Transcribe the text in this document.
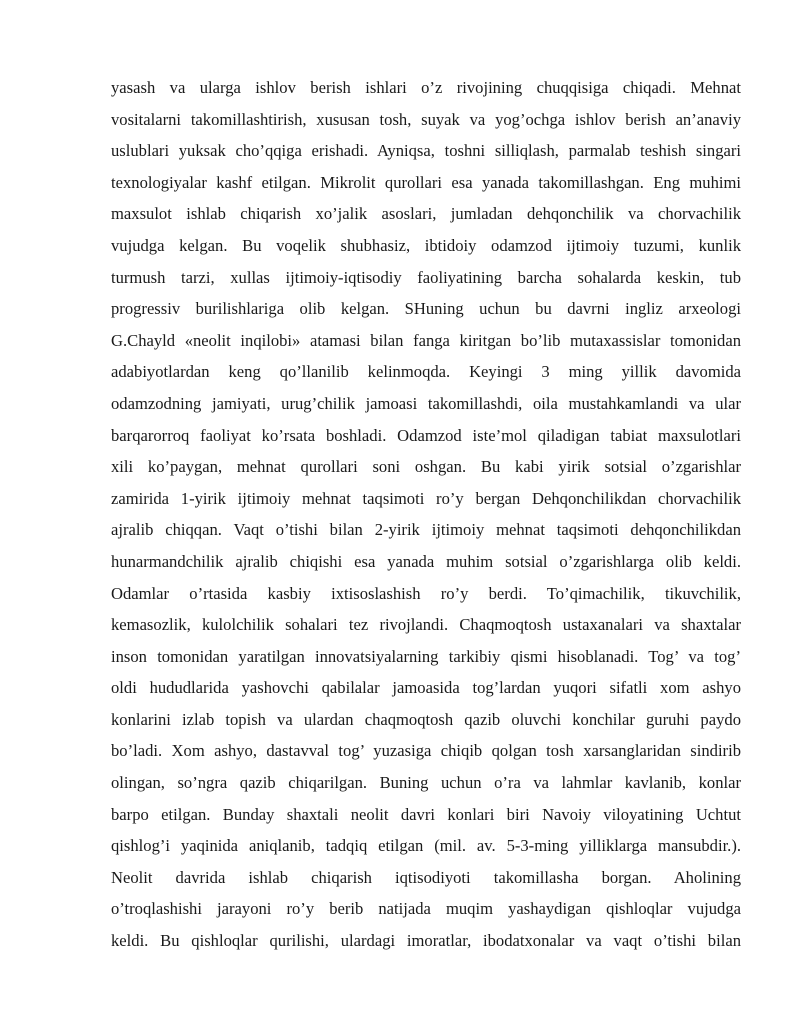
yasash va ularga ishlov berish ishlari o’z rivojining chuqqisiga chiqadi. Mehnat
vositalarni takomillashtirish, xususan tosh, suyak va yog’ochga ishlov berish an’anaviy
uslublari yuksak cho’qqiga erishadi. Ayniqsa, toshni silliqlash, parmalab teshish singari
texnologiyalar kashf etilgan. Mikrolit qurollari esa yanada takomillashgan. Eng muhimi
maxsulot ishlab chiqarish xo’jalik asoslari, jumladan dehqonchilik va chorvachilik
vujudga kelgan. Bu voqelik shubhasiz, ibtidoiy odamzod ijtimoiy tuzumi, kunlik
turmush tarzi, xullas ijtimoiy-iqtisodiy faoliyatining barcha sohalarda keskin, tub
progressiv burilishlariga olib kelgan. SHuning uchun bu davrni ingliz arxeologi
G.Chayld «neolit inqilobi» atamasi bilan fanga kiritgan bo’lib mutaxassislar tomonidan
adabiyotlardan keng qo’llanilib kelinmoqda. Keyingi 3 ming yillik davomida
odamzodning jamiyati, urug’chilik jamoasi takomillashdi, oila mustahkamlandi va ular
barqarorroq faoliyat ko’rsata boshladi. Odamzod iste’mol qiladigan tabiat maxsulotlari
xili ko’paygan, mehnat qurollari soni oshgan. Bu kabi yirik sotsial o’zgarishlar
zamirida 1-yirik ijtimoiy mehnat taqsimoti ro’y bergan Dehqonchilikdan chorvachilik
ajralib chiqqan. Vaqt o’tishi bilan 2-yirik ijtimoiy mehnat taqsimoti dehqonchilikdan
hunarmandchilik ajralib chiqishi esa yanada muhim sotsial o’zgarishlarga olib keldi.
Odamlar o’rtasida kasbiy ixtisoslashish ro’y berdi. To’qimachilik, tikuvchilik,
kemasozlik, kulolchilik sohalari tez rivojlandi. Chaqmoqtosh ustaxanalari va shaxtalar
inson tomonidan yaratilgan innovatsiyalarning tarkibiy qismi hisoblanadi. Tog’ va tog’
oldi hududlarida yashovchi qabilalar jamoasida tog’lardan yuqori sifatli xom ashyo
konlarini izlab topish va ulardan chaqmoqtosh qazib oluvchi konchilar guruhi paydo
bo’ladi. Xom ashyo, dastavval tog’ yuzasiga chiqib qolgan tosh xarsanglaridan sindirib
olingan, so’ngra qazib chiqarilgan. Buning uchun o’ra va lahmlar kavlanib, konlar
barpo etilgan. Bunday shaxtali neolit davri konlari biri Navoiy viloyatining Uchtut
qishlog’i yaqinida aniqlanib, tadqiq etilgan (mil. av. 5-3-ming yilliklarga mansubdir.).
Neolit davrida ishlab chiqarish iqtisodiyoti takomillasha borgan. Aholining
o’troqlashishi jarayoni ro’y berib natijada muqim yashaydigan qishloqlar vujudga
keldi. Bu qishloqlar qurilishi, ulardagi imoratlar, ibodatxonalar va vaqt o’tishi bilan
